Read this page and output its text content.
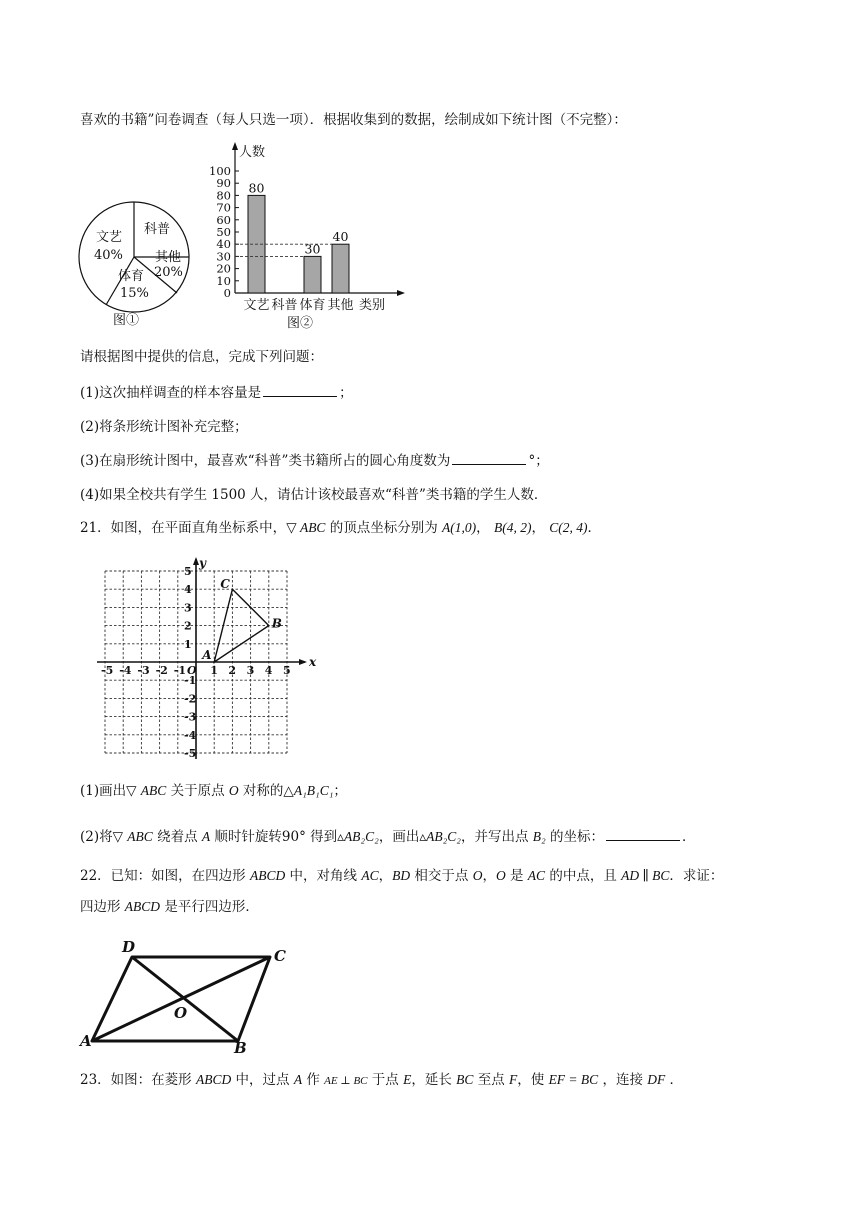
喜欢的书籍”问卷调查（每人只选一项）．根据收集到的数据，绘制成如下统计图（不完整）：
文艺
40%
科普
其他
20%
体育
15%
图①
人数
0
10
20
30
40
50
60
70
80
90
100
文艺
80
科普 体育
30
其他
40
类别
图②
请根据图中提供的信息，完成下列问题：
(1)这次抽样调查的样本容量是	；
(2)将条形统计图补充完整；
(3)在扇形统计图中，最喜欢“科普”类书籍所占的圆心角度数为	°；
(4)如果全校共有学生 1500 人，请估计该校最喜欢“科普”类书籍的学生人数．
21．如图，在平面直角坐标系中，▽ ABC 的顶点坐标分别为 A(1,0)， B(4, 2)， C(2, 4)．
x
y
-5 -4 -3 -2 -1 O 1 2 3 4 5
5
4
3
2
1
-1
-2
-3
-4
-5
A
B
C
(1)画出▽ ABC 关于原点 O 对称的△A₁B₁C₁；
(2)将▽ ABC 绕着点 A 顺时针旋转90° 得到▵AB₂C₂，画出▵AB₂C₂，并写出点 B₂ 的坐标：	．
22．已知：如图，在四边形 ABCD 中，对角线 AC，BD 相交于点 O，O 是 AC 的中点，且 AD ∥ BC．求证：
四边形 ABCD 是平行四边形．
A	B
C
D
O
23．如图：在菱形 ABCD 中，过点 A 作 AE ⊥ BC 于点 E，延长 BC 至点 F，使 EF = BC ，连接 DF ．
